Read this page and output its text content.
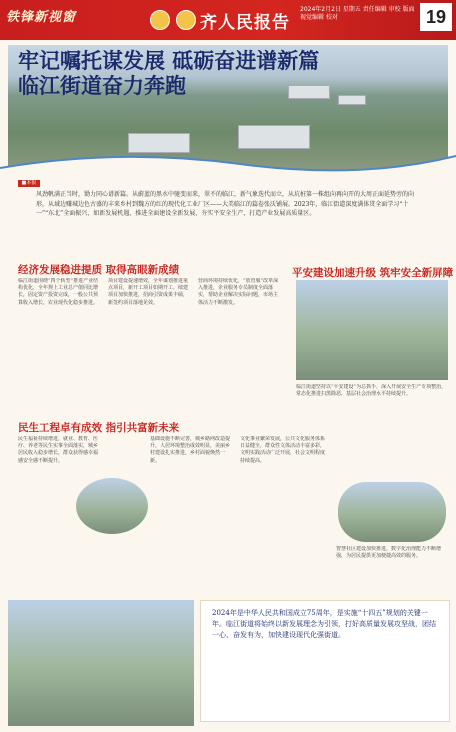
铁锋新视窗	齐人民报告
2024年2月2日 星期五 责任编辑 审校 版面 视觉编辑 校对	19
牢记嘱托谋发展 砥砺奋进谱新篇
临江街道奋力奔跑
■本报
风劲帆满正当时，勠力同心谱新篇。从蔚蓝的黑水中驰变而来，翠不的临江，新气象迭代而立，从坑桩第一株组向再向开的大周正面延势旁的向形，从域边赚城边色古盛的丰来乡村到魏方的红的现代化工业厂区——大美临江的篇卷张沃铺展。2023年，临江街道深度满体贯全面学习“十一”“东北”全面振兴，如新发展机遇，推进全面建设全新发展，夯实平安全生产，打造产业发展高质量区。
经济发展稳进提质 取得高眼新成绩
临江街道围绕“四个转型”推进产业结构优化，全年规上工业总产值同比增长，固定资产投资完成，一般公共预算收入增长，农业现代化稳步推进。
项目建设提速增效，全年谋划推进重点项目，新开工项目如期开工，续建项目加快推进，招商引资成果丰硕，新签约项目落地见效。
营商环境持续优化，“放管服”改革深入推进，企业服务专员制度全面落实，帮助企业解决实际问题，市场主体活力不断激发。
平安建设加速升级 筑牢安全新屏障
临江街道坚持以“平安建设”为总抓手，深入开展安全生产专项整治，常态化推进扫黑除恶，基层社会治理水平持续提升。
民生工程卓有成效 指引共富新未来
民生福祉持续增进，就业、教育、医疗、养老等民生实事全面落实，城乡居民收入稳步增长，群众获得感幸福感安全感不断提升。
基础设施不断完善，城乡路网改造提升，人居环境整治成效明显，美丽乡村建设扎实推进，乡村面貌焕然一新。
文化事业繁荣发展，公共文化服务体系日益健全，群众性文体活动丰富多彩，文明实践活动广泛开展，社会文明程度持续提高。
智慧社区建设加快推进，数字化治理能力不断增强，为居民提供更加便捷高效的服务。
2024年是中华人民共和国成立75周年，是实施“十四五”规划的关键一年。临江街道将始终以新发展理念为引领，打好高质量发展攻坚战，团结一心、奋发有为，加快建设现代化强街道。
